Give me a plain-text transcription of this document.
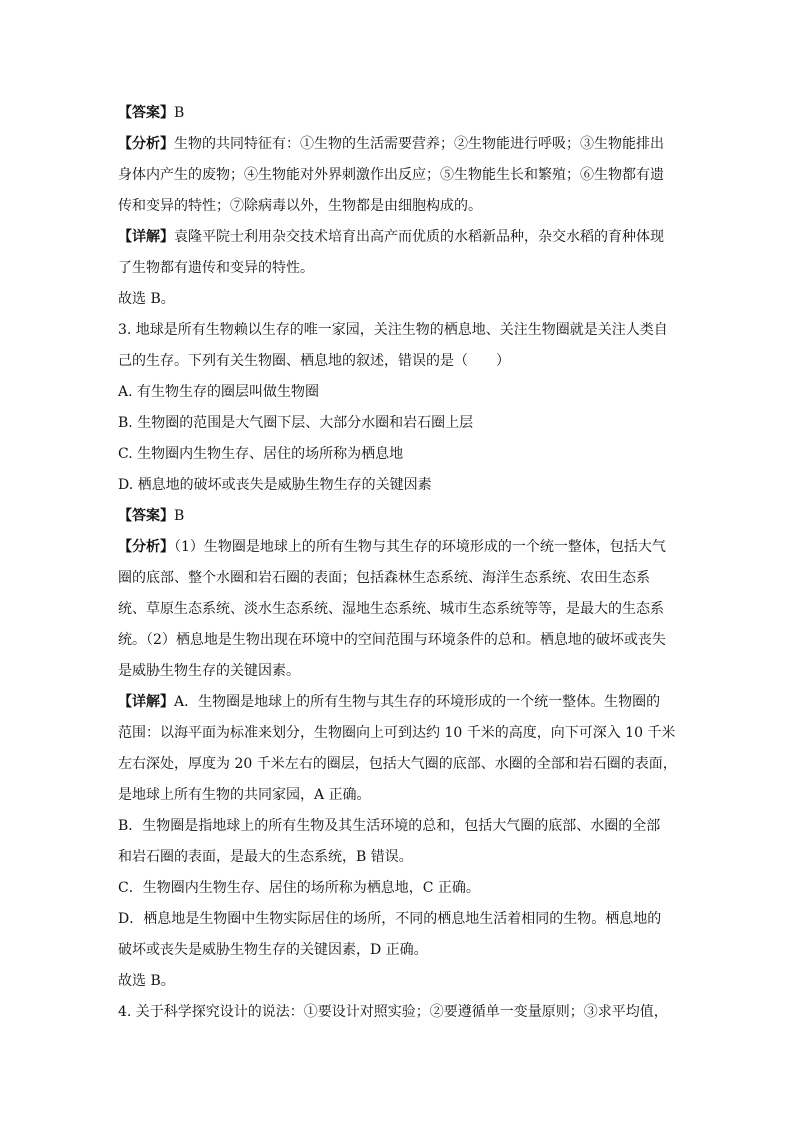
【答案】B
【分析】生物的共同特征有：①生物的生活需要营养；②生物能进行呼吸；③生物能排出
身体内产生的废物；④生物能对外界刺激作出反应；⑤生物能生长和繁殖；⑥生物都有遗
传和变异的特性；⑦除病毒以外，生物都是由细胞构成的。
【详解】袁隆平院士利用杂交技术培育出高产而优质的水稻新品种，杂交水稻的育种体现
了生物都有遗传和变异的特性。
故选 B。
3. 地球是所有生物赖以生存的唯一家园，关注生物的栖息地、关注生物圈就是关注人类自
己的生存。下列有关生物圈、栖息地的叙述，错误的是（　　）
A. 有生物生存的圈层叫做生物圈
B. 生物圈的范围是大气圈下层、大部分水圈和岩石圈上层
C. 生物圈内生物生存、居住的场所称为栖息地
D. 栖息地的破坏或丧失是威胁生物生存的关键因素
【答案】B
【分析】（1）生物圈是地球上的所有生物与其生存的环境形成的一个统一整体，包括大气
圈的底部、整个水圈和岩石圈的表面；包括森林生态系统、海洋生态系统、农田生态系
统、草原生态系统、淡水生态系统、湿地生态系统、城市生态系统等等，是最大的生态系
统。（2）栖息地是生物出现在环境中的空间范围与环境条件的总和。栖息地的破坏或丧失
是威胁生物生存的关键因素。
【详解】A．生物圈是地球上的所有生物与其生存的环境形成的一个统一整体。生物圈的
范围：以海平面为标准来划分，生物圈向上可到达约 10 千米的高度，向下可深入 10 千米
左右深处，厚度为 20 千米左右的圈层，包括大气圈的底部、水圈的全部和岩石圈的表面，
是地球上所有生物的共同家园，A 正确。
B．生物圈是指地球上的所有生物及其生活环境的总和，包括大气圈的底部、水圈的全部
和岩石圈的表面，是最大的生态系统，B 错误。
C．生物圈内生物生存、居住的场所称为栖息地，C 正确。
D．栖息地是生物圈中生物实际居住的场所，不同的栖息地生活着相同的生物。栖息地的
破坏或丧失是威胁生物生存的关键因素，D 正确。
故选 B。
4. 关于科学探究设计的说法：①要设计对照实验；②要遵循单一变量原则；③求平均值，
